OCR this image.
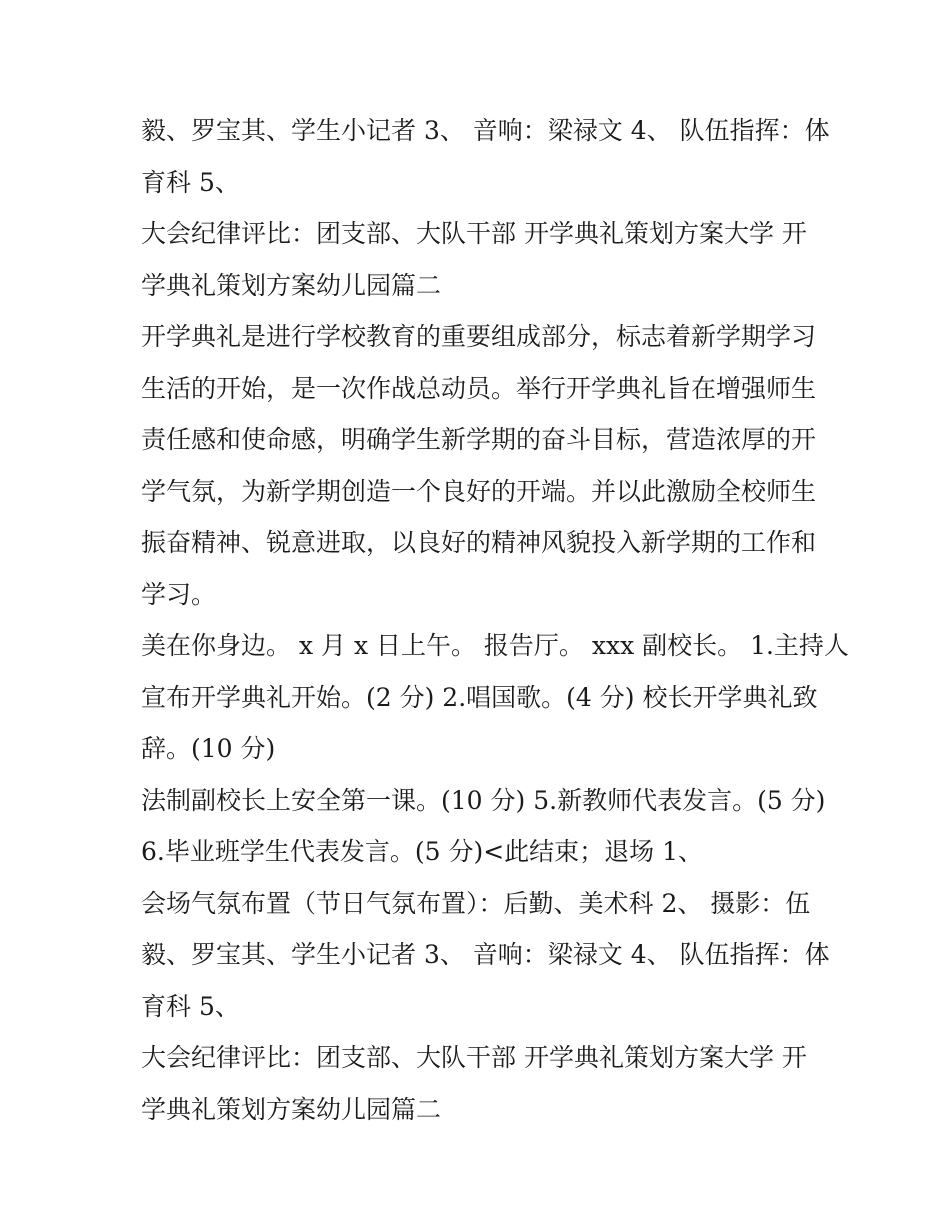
毅、罗宝其、学生小记者 3、 音响：梁禄文 4、 队伍指挥：体
育科 5、
大会纪律评比：团支部、大队干部 开学典礼策划方案大学 开
学典礼策划方案幼儿园篇二
开学典礼是进行学校教育的重要组成部分，标志着新学期学习
生活的开始，是一次作战总动员。举行开学典礼旨在增强师生
责任感和使命感，明确学生新学期的奋斗目标，营造浓厚的开
学气氛，为新学期创造一个良好的开端。并以此激励全校师生
振奋精神、锐意进取，以良好的精神风貌投入新学期的工作和
学习。
美在你身边。 x 月 x 日上午。 报告厅。 xxx 副校长。 1.主持人
宣布开学典礼开始。(2 分) 2.唱国歌。(4 分) 校长开学典礼致
辞。(10 分)
法制副校长上安全第一课。(10 分) 5.新教师代表发言。(5 分)
6.毕业班学生代表发言。(5 分)<此结束；退场 1、
会场气氛布置（节日气氛布置）：后勤、美术科 2、 摄影：伍
毅、罗宝其、学生小记者 3、 音响：梁禄文 4、 队伍指挥：体
育科 5、
大会纪律评比：团支部、大队干部 开学典礼策划方案大学 开
学典礼策划方案幼儿园篇二
